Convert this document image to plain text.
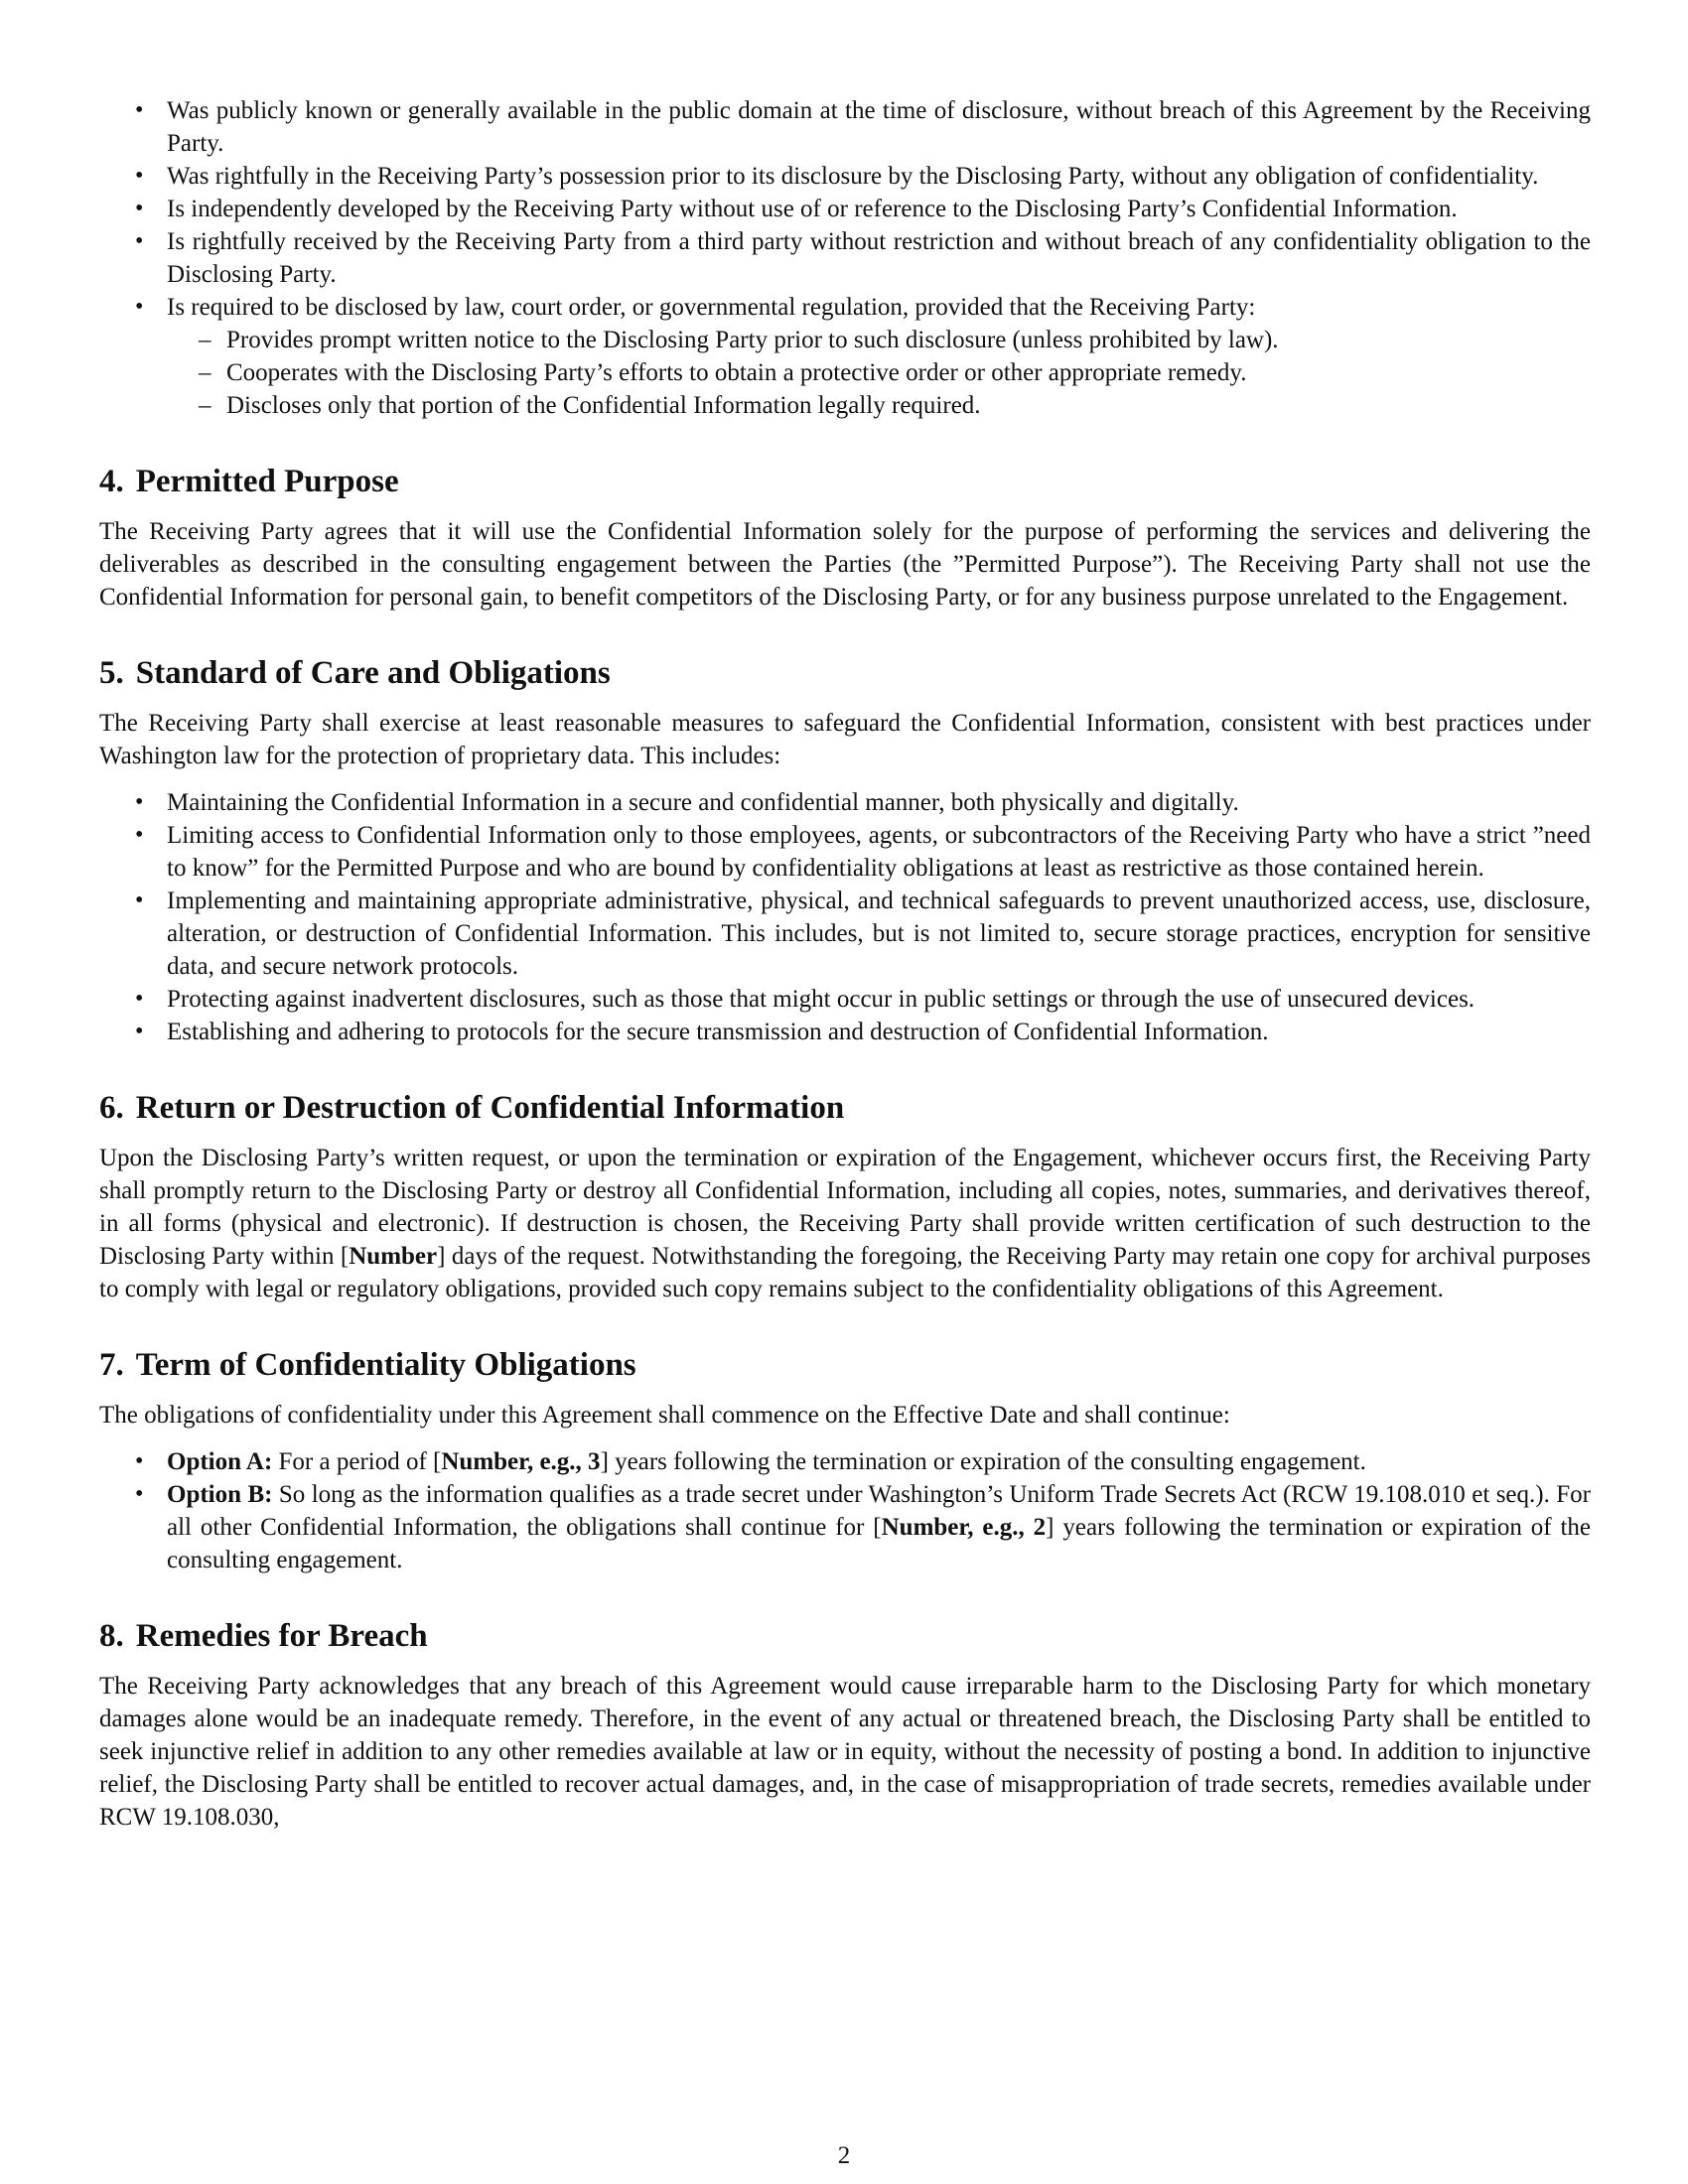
• Was publicly known or generally available in the public domain at the time of disclosure, without breach of this Agreement by the Receiving Party.
• Was rightfully in the Receiving Party’s possession prior to its disclosure by the Disclosing Party, without any obligation of confidentiality.
• Is independently developed by the Receiving Party without use of or reference to the Disclosing Party’s Confidential Information.
• Is rightfully received by the Receiving Party from a third party without restriction and without breach of any confidentiality obligation to the Disclosing Party.
• Is required to be disclosed by law, court order, or governmental regulation, provided that the Receiving Party:
– Provides prompt written notice to the Disclosing Party prior to such disclosure (unless prohibited by law).
– Cooperates with the Disclosing Party’s efforts to obtain a protective order or other appropriate remedy.
– Discloses only that portion of the Confidential Information legally required.
4. Permitted Purpose

The Receiving Party agrees that it will use the Confidential Information solely for the purpose of performing the services and delivering the deliverables as described in the consulting engagement between the Parties (the ”Permitted Purpose”). The Receiving Party shall not use the Confidential Information for personal gain, to benefit competitors of the Disclosing Party, or for any business purpose unrelated to the Engagement.

5. Standard of Care and Obligations

The Receiving Party shall exercise at least reasonable measures to safeguard the Confidential Information, consistent with best practices under Washington law for the protection of proprietary data. This includes:

• Maintaining the Confidential Information in a secure and confidential manner, both physically and digitally.
• Limiting access to Confidential Information only to those employees, agents, or subcontractors of the Receiving Party who have a strict ”need to know” for the Permitted Purpose and who are bound by confidentiality obligations at least as restrictive as those contained herein.
• Implementing and maintaining appropriate administrative, physical, and technical safeguards to prevent unauthorized access, use, disclosure, alteration, or destruction of Confidential Information. This includes, but is not limited to, secure storage practices, encryption for sensitive data, and secure network protocols.
• Protecting against inadvertent disclosures, such as those that might occur in public settings or through the use of unsecured devices.
• Establishing and adhering to protocols for the secure transmission and destruction of Confidential Information.
6. Return or Destruction of Confidential Information

Upon the Disclosing Party’s written request, or upon the termination or expiration of the Engagement, whichever occurs first, the Receiving Party shall promptly return to the Disclosing Party or destroy all Confidential Information, including all copies, notes, summaries, and derivatives thereof, in all forms (physical and electronic). If destruction is chosen, the Receiving Party shall provide written certification of such destruction to the Disclosing Party within [Number] days of the request. Notwithstanding the foregoing, the Receiving Party may retain one copy for archival purposes to comply with legal or regulatory obligations, provided such copy remains subject to the confidentiality obligations of this Agreement.

7. Term of Confidentiality Obligations

The obligations of confidentiality under this Agreement shall commence on the Effective Date and shall continue:

• Option A: For a period of [Number, e.g., 3] years following the termination or expiration of the consulting engagement.
• Option B: So long as the information qualifies as a trade secret under Washington’s Uniform Trade Secrets Act (RCW 19.108.010 et seq.). For all other Confidential Information, the obligations shall continue for [Number, e.g., 2] years following the termination or expiration of the consulting engagement.
8. Remedies for Breach

The Receiving Party acknowledges that any breach of this Agreement would cause irreparable harm to the Disclosing Party for which monetary damages alone would be an inadequate remedy. Therefore, in the event of any actual or threatened breach, the Disclosing Party shall be entitled to seek injunctive relief in addition to any other remedies available at law or in equity, without the necessity of posting a bond. In addition to injunctive relief, the Disclosing Party shall be entitled to recover actual damages, and, in the case of misappropriation of trade secrets, remedies available under RCW 19.108.030,

2
